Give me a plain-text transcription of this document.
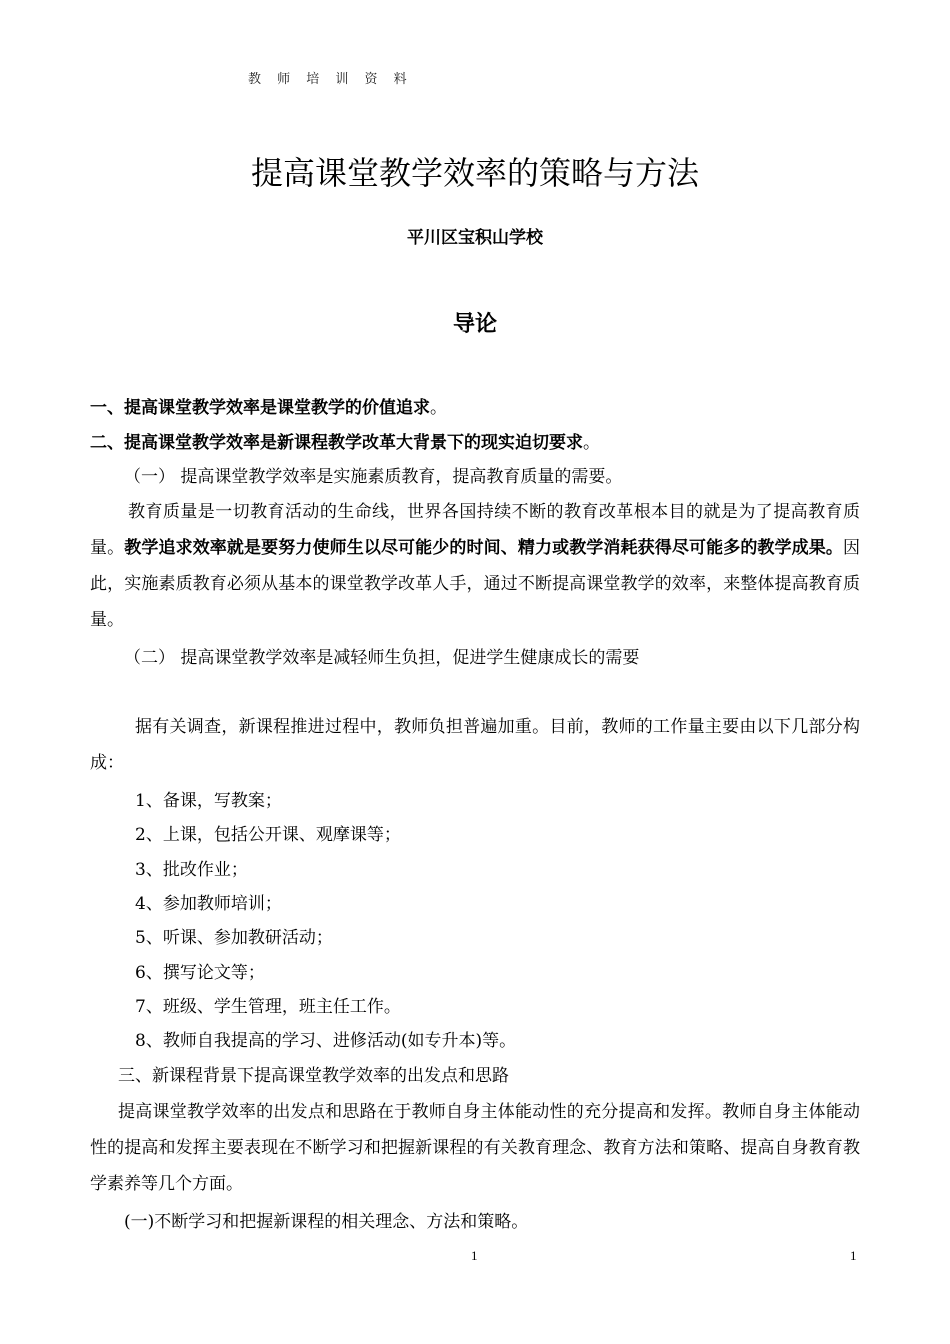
教 师 培 训 资 料
提高课堂教学效率的策略与方法
平川区宝积山学校
导论
一、提高课堂教学效率是课堂教学的价值追求。
二、提高课堂教学效率是新课程教学改革大背景下的现实迫切要求。
（一） 提高课堂教学效率是实施素质教育，提高教育质量的需要。
教育质量是一切教育活动的生命线，世界各国持续不断的教育改革根本目的就是为了提高教育质量。教学追求效率就是要努力使师生以尽可能少的时间、精力或教学消耗获得尽可能多的教学成果。因此，实施素质教育必须从基本的课堂教学改革人手，通过不断提高课堂教学的效率，来整体提高教育质量。
（二） 提高课堂教学效率是减轻师生负担，促进学生健康成长的需要
据有关调查，新课程推进过程中，教师负担普遍加重。目前，教师的工作量主要由以下几部分构成：
1、备课，写教案；
2、上课，包括公开课、观摩课等；
3、批改作业；
4、参加教师培训；
5、听课、参加教研活动；
6、撰写论文等；
7、班级、学生管理，班主任工作。
8、教师自我提高的学习、进修活动(如专升本)等。
三、新课程背景下提高课堂教学效率的出发点和思路
提高课堂教学效率的出发点和思路在于教师自身主体能动性的充分提高和发挥。教师自身主体能动性的提高和发挥主要表现在不断学习和把握新课程的有关教育理念、教育方法和策略、提高自身教育教学素养等几个方面。
(一)不断学习和把握新课程的相关理念、方法和策略。
1	1
